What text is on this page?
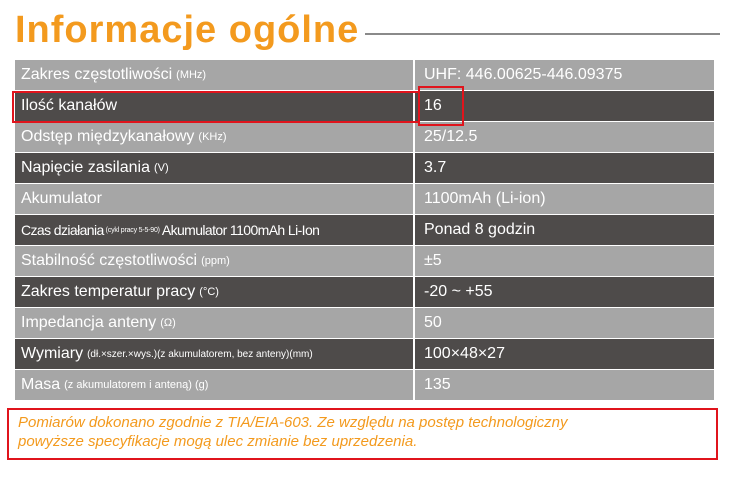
Informacje ogólne
Zakres częstotliwości (MHz)	UHF: 446.00625-446.09375
Ilość kanałów	16
Odstęp międzykanałowy (KHz)	25/12.5
Napięcie zasilania (V)	3.7
Akumulator	1100mAh (Li-ion)
Czas działania (cykl pracy 5-5-90) Akumulator 1100mAh Li-Ion	Ponad 8 godzin
Stabilność częstotliwości (ppm)	±5
Zakres temperatur pracy (°C)	-20 ~ +55
Impedancja anteny (Ω)	50
Wymiary (dł.×szer.×wys.)(z akumulatorem, bez anteny)(mm)	100×48×27
Masa (z akumulatorem i anteną) (g)	135

Pomiarów dokonano zgodnie z TIA/EIA-603. Ze względu na postęp technologiczny

powyższe specyfikacje mogą ulec zmianie bez uprzedzenia.
